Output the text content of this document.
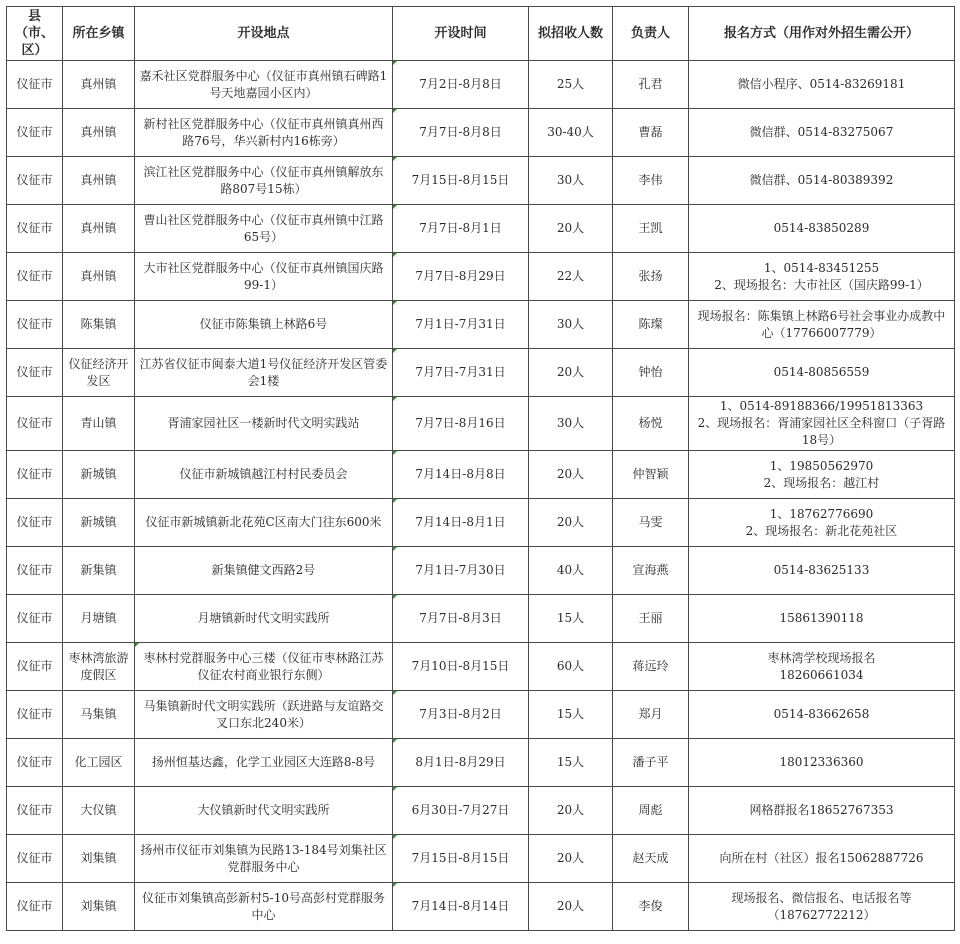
县（市、区）	所在乡镇	开设地点	开设时间	拟招收人数	负责人	报名方式（用作对外招生需公开）
仪征市	真州镇	嘉禾社区党群服务中心（仪征市真州镇石碑路1号天地嘉园小区内）	7月2日-8月8日	25人	孔君	微信小程序、0514-83269181
仪征市	真州镇	新村社区党群服务中心（仪征市真州镇真州西路76号，华兴新村内16栋旁）	7月7日-8月8日	30-40人	曹磊	微信群、0514-83275067
仪征市	真州镇	滨江社区党群服务中心（仪征市真州镇解放东路807号15栋）	7月15日-8月15日	30人	李伟	微信群、0514-80389392
仪征市	真州镇	曹山社区党群服务中心（仪征市真州镇中江路65号）	7月7日-8月1日	20人	王凯	0514-83850289
仪征市	真州镇	大市社区党群服务中心（仪征市真州镇国庆路99-1）	7月7日-8月29日	22人	张扬	1、0514-83451255
2、现场报名：大市社区（国庆路99-1）
仪征市	陈集镇	仪征市陈集镇上林路6号	7月1日-7月31日	30人	陈璨	现场报名：陈集镇上林路6号社会事业办成教中心（17766007779）
仪征市	仪征经济开发区	江苏省仪征市闽泰大道1号仪征经济开发区管委会1楼	7月7日-7月31日	20人	钟怡	0514-80856559
仪征市	青山镇	胥浦家园社区一楼新时代文明实践站	7月7日-8月16日	30人	杨悦	1、0514-89188366/19951813363
2、现场报名：胥浦家园社区全科窗口（子胥路18号）
仪征市	新城镇	仪征市新城镇越江村村民委员会	7月14日-8月8日	20人	仲智颖	1、19850562970
2、现场报名：越江村
仪征市	新城镇	仪征市新城镇新北花苑C区南大门往东600米	7月14日-8月1日	20人	马雯	1、18762776690
2、现场报名：新北花苑社区
仪征市	新集镇	新集镇健文西路2号	7月1日-7月30日	40人	宣海燕	0514-83625133
仪征市	月塘镇	月塘镇新时代文明实践所	7月7日-8月3日	15人	王丽	15861390118
仪征市	枣林湾旅游度假区	枣林村党群服务中心三楼（仪征市枣林路江苏仪征农村商业银行东侧）	7月10日-8月15日	60人	蒋远玲	枣林湾学校现场报名
18260661034
仪征市	马集镇	马集镇新时代文明实践所（跃进路与友谊路交叉口东北240米）	7月3日-8月2日	15人	郑月	0514-83662658
仪征市	化工园区	扬州恒基达鑫，化学工业园区大连路8-8号	8月1日-8月29日	15人	潘子平	18012336360
仪征市	大仪镇	大仪镇新时代文明实践所	6月30日-7月27日	20人	周彪	网格群报名18652767353
仪征市	刘集镇	扬州市仪征市刘集镇为民路13-184号刘集社区党群服务中心	7月15日-8月15日	20人	赵天成	向所在村（社区）报名15062887726
仪征市	刘集镇	仪征市刘集镇高彭新村5-10号高彭村党群服务中心	7月14日-8月14日	20人	李俊	现场报名、微信报名、电话报名等
（18762772212）
